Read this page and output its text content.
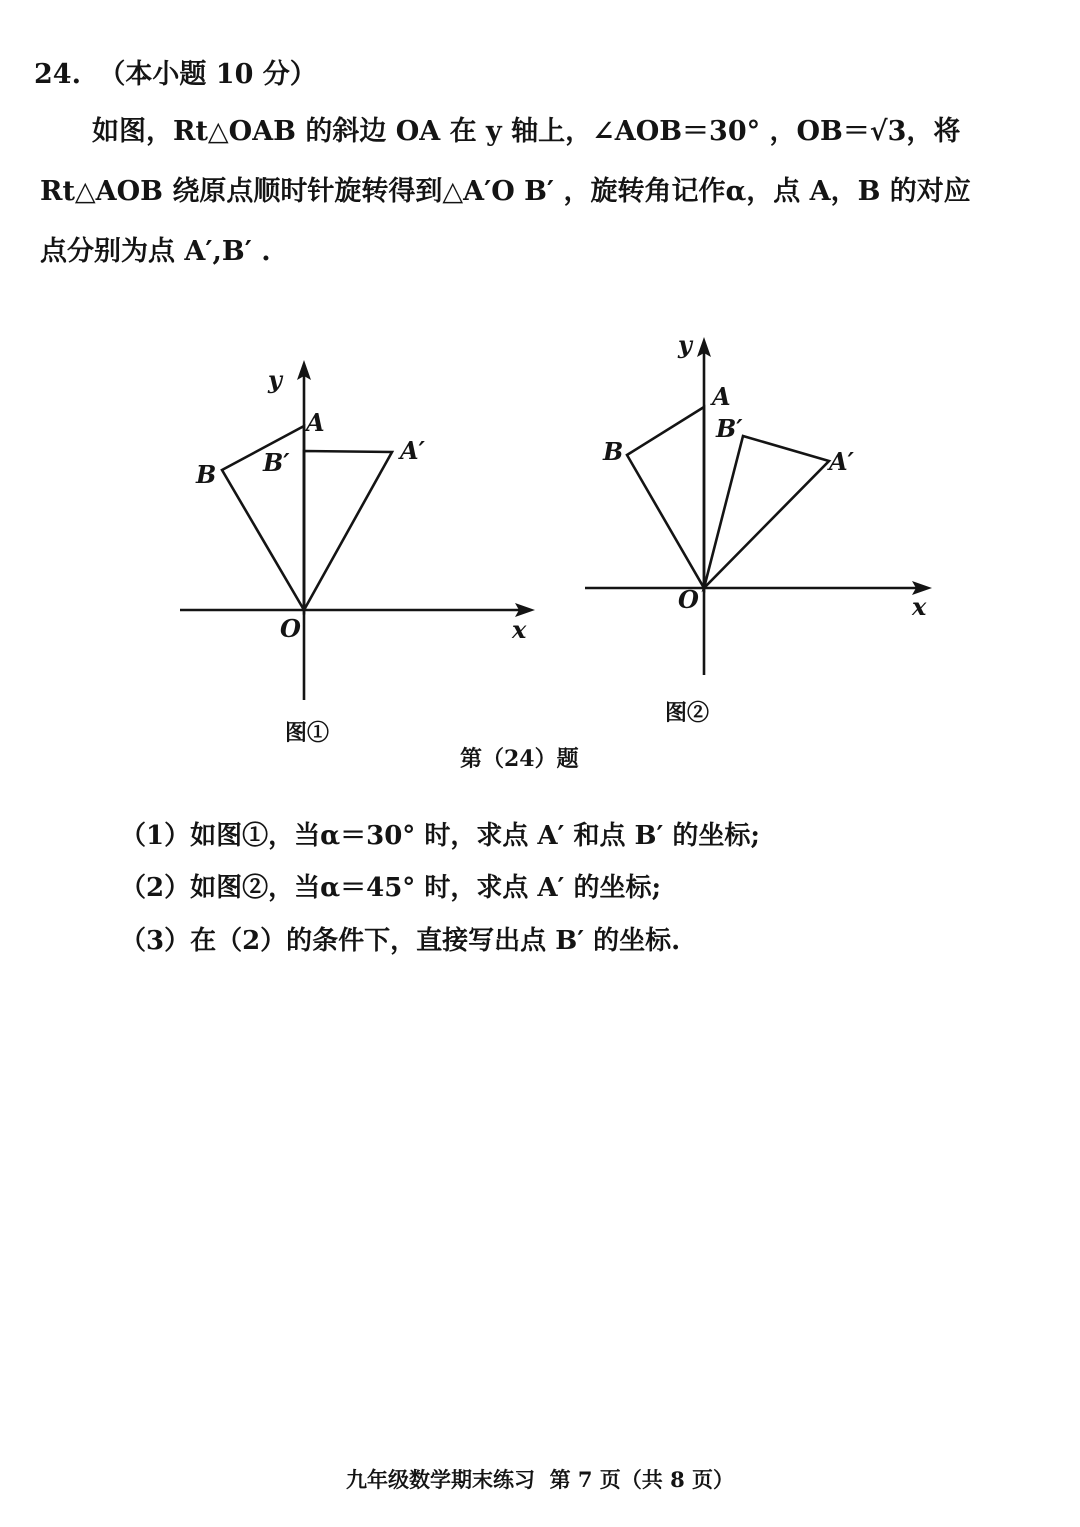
24. （本小题 10 分）
如图，Rt△OAB 的斜边 OA 在 y 轴上，∠AOB＝30° ，OB＝√3，将
Rt△AOB 绕原点顺时针旋转得到△A′O B′ ，旋转角记作α，点 A，B 的对应
点分别为点 A′,B′ .
y
x
O
A
B
A′
B′
图①
y
x
O
A
B	A′
B′
图②
第（24）题
（1）如图①，当α＝30° 时，求点 A′ 和点 B′ 的坐标;
（2）如图②，当α＝45° 时，求点 A′ 的坐标;
（3）在（2）的条件下，直接写出点 B′ 的坐标.
九年级数学期末练习  第 7 页（共 8 页）
